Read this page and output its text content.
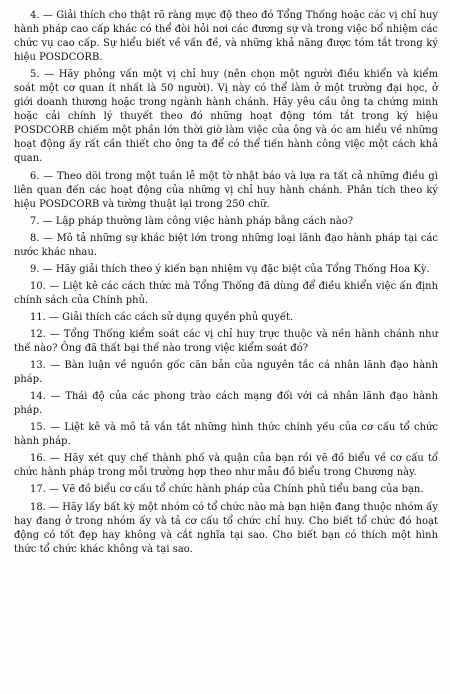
4. — Giải thích cho thật rõ ràng mực độ theo đó Tổng Thống hoặc các vị chỉ huy hành pháp cao cấp khác có thể đòi hỏi nơi các đương sự và trong việc bổ nhiệm các chức vụ cao cấp. Sự hiểu biết về vấn đề, và những khả năng được tóm tắt trong ký hiệu POSDCORB.

5. — Hãy phỏng vấn một vị chỉ huy (nên chọn một người điều khiển và kiểm soát một cơ quan ít nhất là 50 người). Vị này có thể làm ở một trường đại học, ở giới doanh thương hoặc trong ngành hành chánh. Hãy yêu cầu ông ta chứng minh hoặc cải chính lý thuyết theo đó những hoạt động tóm tắt trong ký hiệu POSDCORB chiếm một phần lớn thời giờ làm việc của ông và óc am hiểu về những hoạt động ấy rất cần thiết cho ông ta để có thể tiến hành công việc một cách khả quan.

6. — Theo dõi trong một tuần lễ một tờ nhật báo và lựa ra tất cả những điều gì liên quan đến các hoạt động của những vị chỉ huy hành chánh. Phân tích theo ký hiệu POSDCORB và tường thuật lại trong 250 chữ.

7. — Lập pháp thường làm công việc hành pháp bằng cách nào?

8. — Mô tả những sự khác biệt lớn trong những loại lãnh đạo hành pháp tại các nước khác nhau.

9. — Hãy giải thích theo ý kiến bạn nhiệm vụ đặc biệt của Tổng Thống Hoa Kỳ.

10. — Liệt kê các cách thức mà Tổng Thống đã dùng để điều khiển việc ấn định chính sách của Chính phủ.

11. — Giải thích các cách sử dụng quyền phủ quyết.

12. — Tổng Thống kiểm soát các vị chỉ huy trực thuộc và nền hành chánh như thế nào? Ông đã thất bại thế nào trong việc kiểm soát đó?

13. — Bàn luận về nguồn gốc căn bản của nguyên tắc cá nhân lãnh đạo hành pháp.

14. — Thái độ của các phong trào cách mạng đối với cá nhân lãnh đạo hành pháp.

15. — Liệt kê và mô tả vắn tắt những hình thức chính yếu của cơ cấu tổ chức hành pháp.

16. — Hãy xét quy chế thành phố và quận của bạn rồi vẽ đồ biểu về cơ cấu tổ chức hành pháp trong mỗi trường hợp theo như mẫu đồ biểu trong Chương này.

17. — Vẽ đồ biểu cơ cấu tổ chức hành pháp của Chính phủ tiểu bang của bạn.

18. — Hãy lấy bất kỳ một nhóm có tổ chức nào mà bạn hiện đang thuộc nhóm ấy hay đang ở trong nhóm ấy và tả cơ cấu tổ chức chỉ huy. Cho biết tổ chức đó hoạt động có tốt đẹp hay không và cắt nghĩa tại sao. Cho biết bạn có thích một hình thức tổ chức khác không và tại sao.
